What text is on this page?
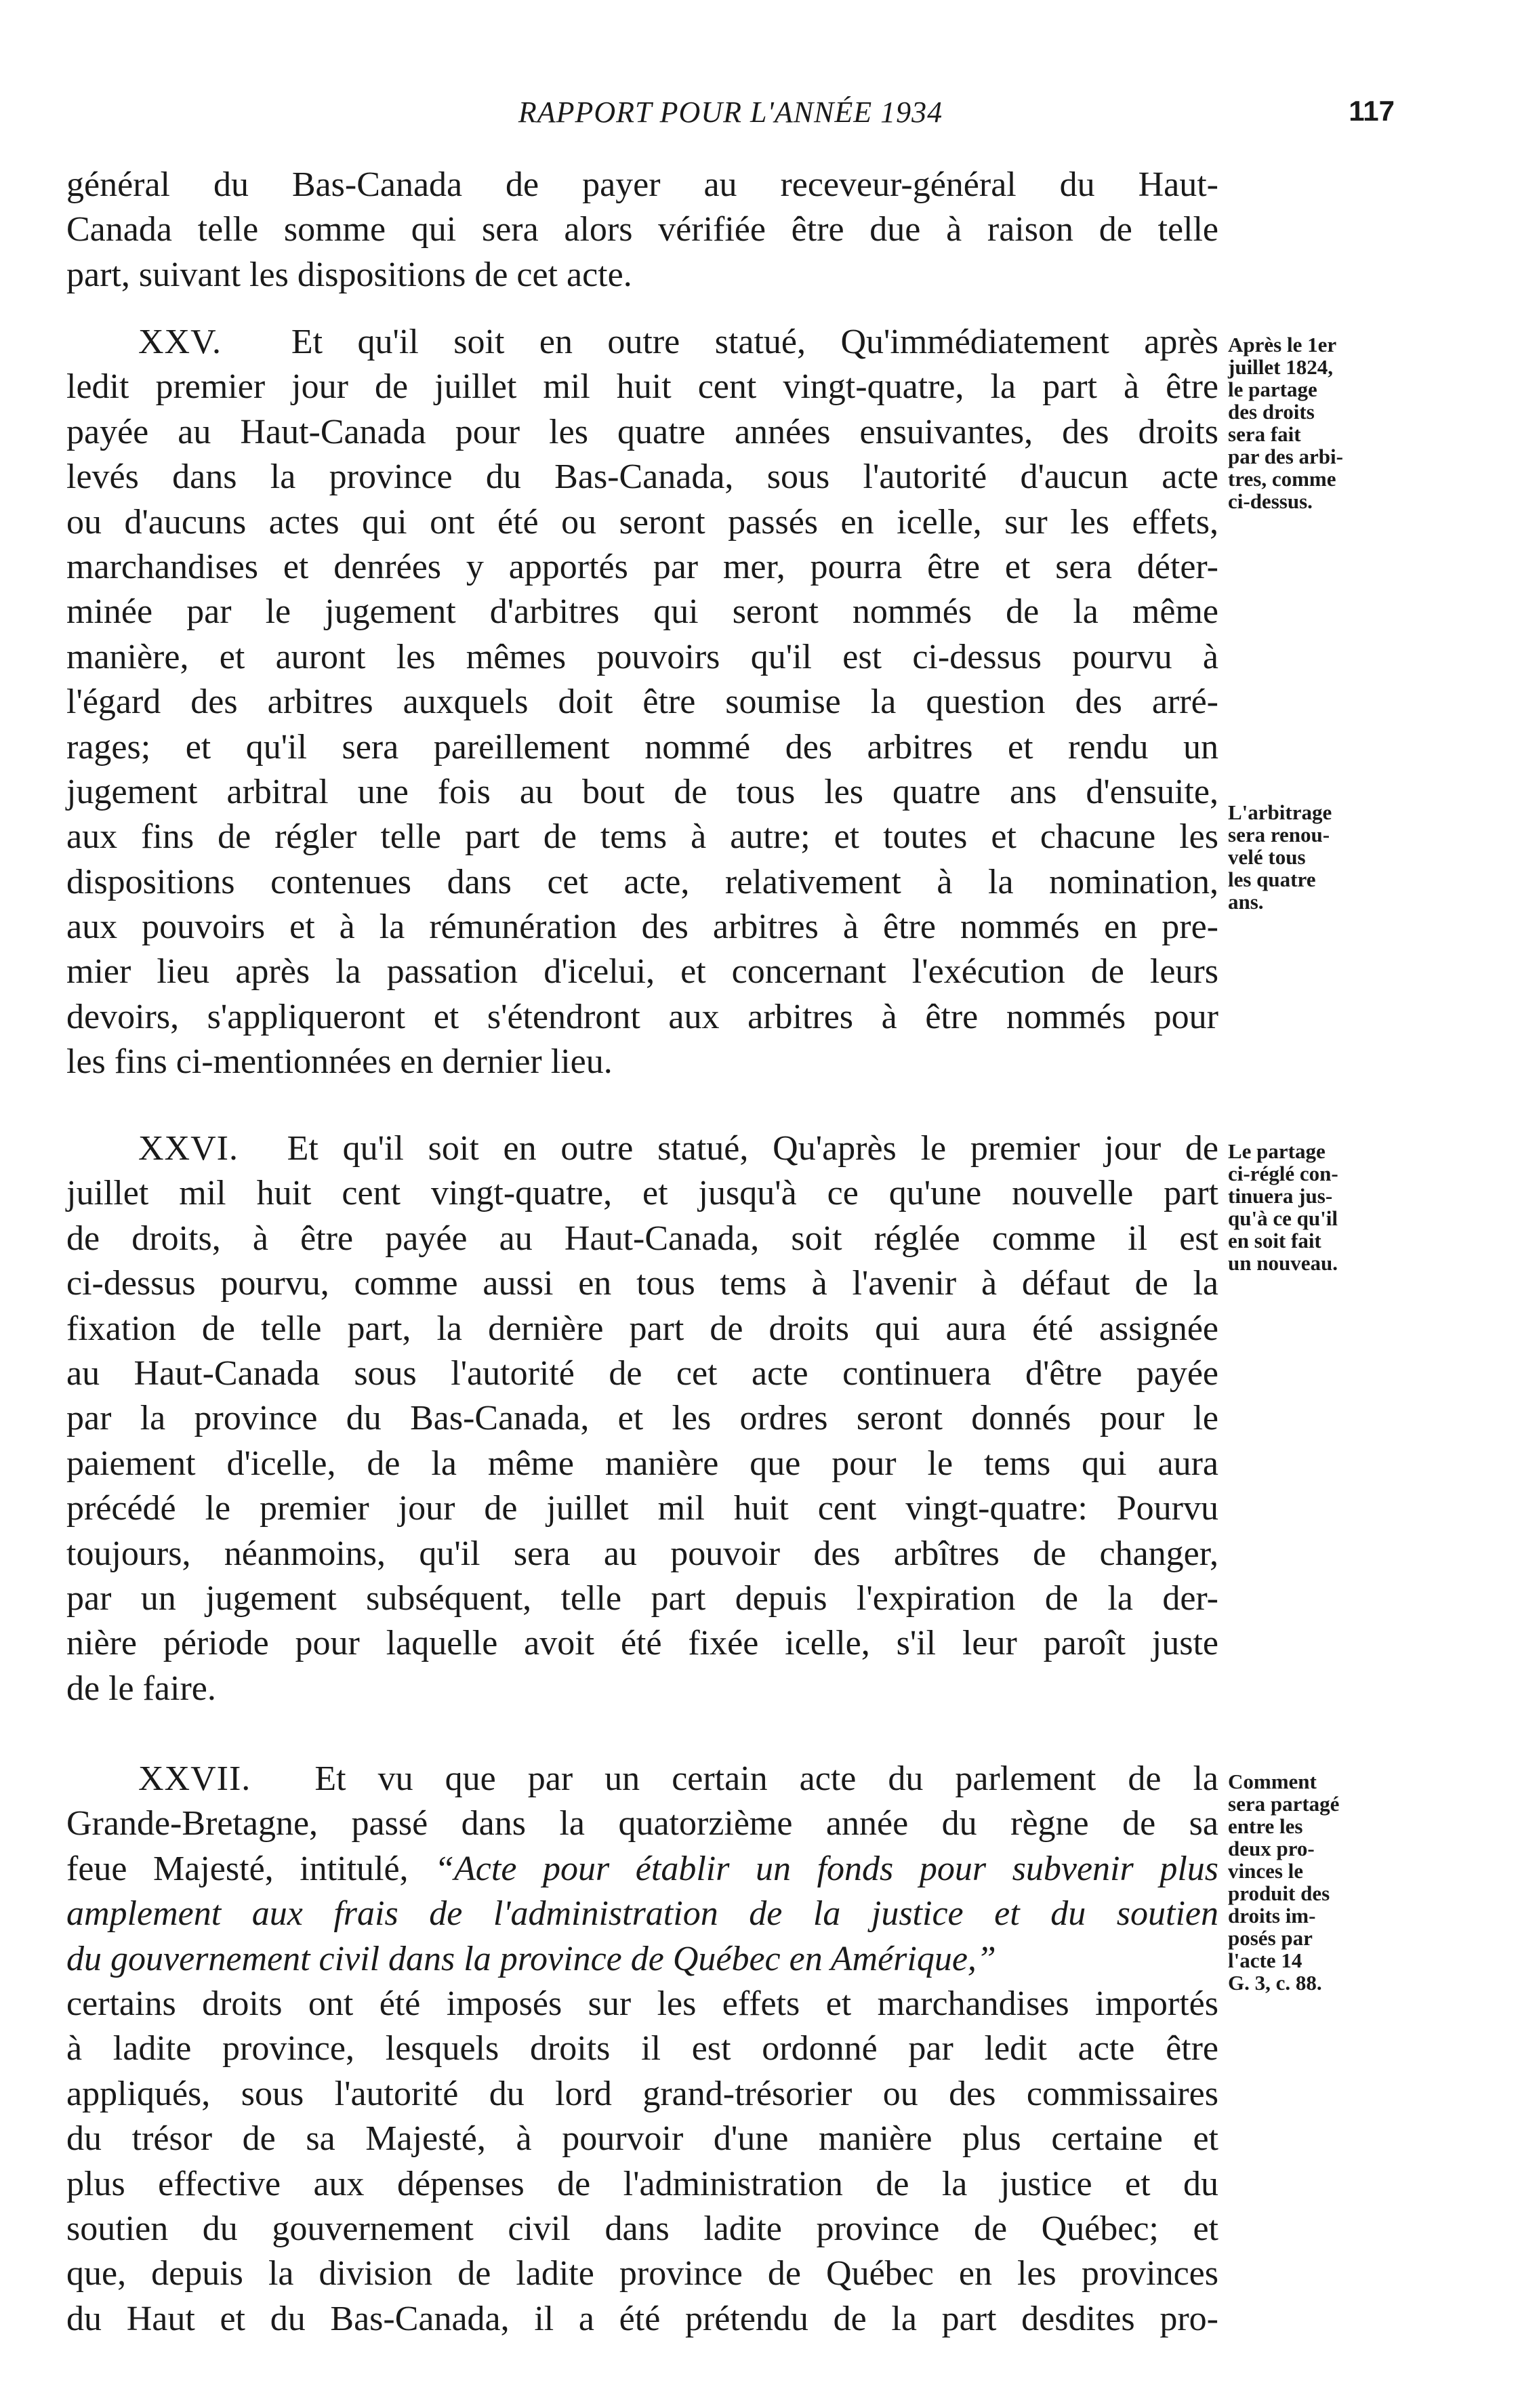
RAPPORT POUR L'ANNÉE 1934	117
général du Bas-Canada de payer au receveur-général du Haut-
Canada telle somme qui sera alors vérifiée être due à raison de telle
part, suivant les dispositions de cet acte.
XXV. Et qu'il soit en outre statué, Qu'immédiatement après
ledit premier jour de juillet mil huit cent vingt-quatre, la part à être
payée au Haut-Canada pour les quatre années ensuivantes, des droits
levés dans la province du Bas-Canada, sous l'autorité d'aucun acte
ou d'aucuns actes qui ont été ou seront passés en icelle, sur les effets,
marchandises et denrées y apportés par mer, pourra être et sera déter-
minée par le jugement d'arbitres qui seront nommés de la même
manière, et auront les mêmes pouvoirs qu'il est ci-dessus pourvu à
l'égard des arbitres auxquels doit être soumise la question des arré-
rages; et qu'il sera pareillement nommé des arbitres et rendu un
jugement arbitral une fois au bout de tous les quatre ans d'ensuite,
aux fins de régler telle part de tems à autre; et toutes et chacune les
dispositions contenues dans cet acte, relativement à la nomination,
aux pouvoirs et à la rémunération des arbitres à être nommés en pre-
mier lieu après la passation d'icelui, et concernant l'exécution de leurs
devoirs, s'appliqueront et s'étendront aux arbitres à être nommés pour
les fins ci-mentionnées en dernier lieu.
Après le 1er
juillet 1824,
le partage
des droits
sera fait
par des arbi-
tres, comme
ci-dessus.
L'arbitrage
sera renou-
velé tous
les quatre
ans.
XXVI. Et qu'il soit en outre statué, Qu'après le premier jour de
juillet mil huit cent vingt-quatre, et jusqu'à ce qu'une nouvelle part
de droits, à être payée au Haut-Canada, soit réglée comme il est
ci-dessus pourvu, comme aussi en tous tems à l'avenir à défaut de la
fixation de telle part, la dernière part de droits qui aura été assignée
au Haut-Canada sous l'autorité de cet acte continuera d'être payée
par la province du Bas-Canada, et les ordres seront donnés pour le
paiement d'icelle, de la même manière que pour le tems qui aura
précédé le premier jour de juillet mil huit cent vingt-quatre: Pourvu
toujours, néanmoins, qu'il sera au pouvoir des arbîtres de changer,
par un jugement subséquent, telle part depuis l'expiration de la der-
nière période pour laquelle avoit été fixée icelle, s'il leur paroît juste
de le faire.
Le partage
ci-réglé con-
tinuera jus-
qu'à ce qu'il
en soit fait
un nouveau.
XXVII. Et vu que par un certain acte du parlement de la
Grande-Bretagne, passé dans la quatorzième année du règne de sa
feue Majesté, intitulé, “Acte pour établir un fonds pour subvenir plus
amplement aux frais de l'administration de la justice et du soutien
du gouvernement civil dans la province de Québec en Amérique,”
certains droits ont été imposés sur les effets et marchandises importés
à ladite province, lesquels droits il est ordonné par ledit acte être
appliqués, sous l'autorité du lord grand-trésorier ou des commissaires
du trésor de sa Majesté, à pourvoir d'une manière plus certaine et
plus effective aux dépenses de l'administration de la justice et du
soutien du gouvernement civil dans ladite province de Québec; et
que, depuis la division de ladite province de Québec en les provinces
du Haut et du Bas-Canada, il a été prétendu de la part desdites pro-
Comment
sera partagé
entre les
deux pro-
vinces le
produit des
droits im-
posés par
l'acte 14
G. 3, c. 88.
